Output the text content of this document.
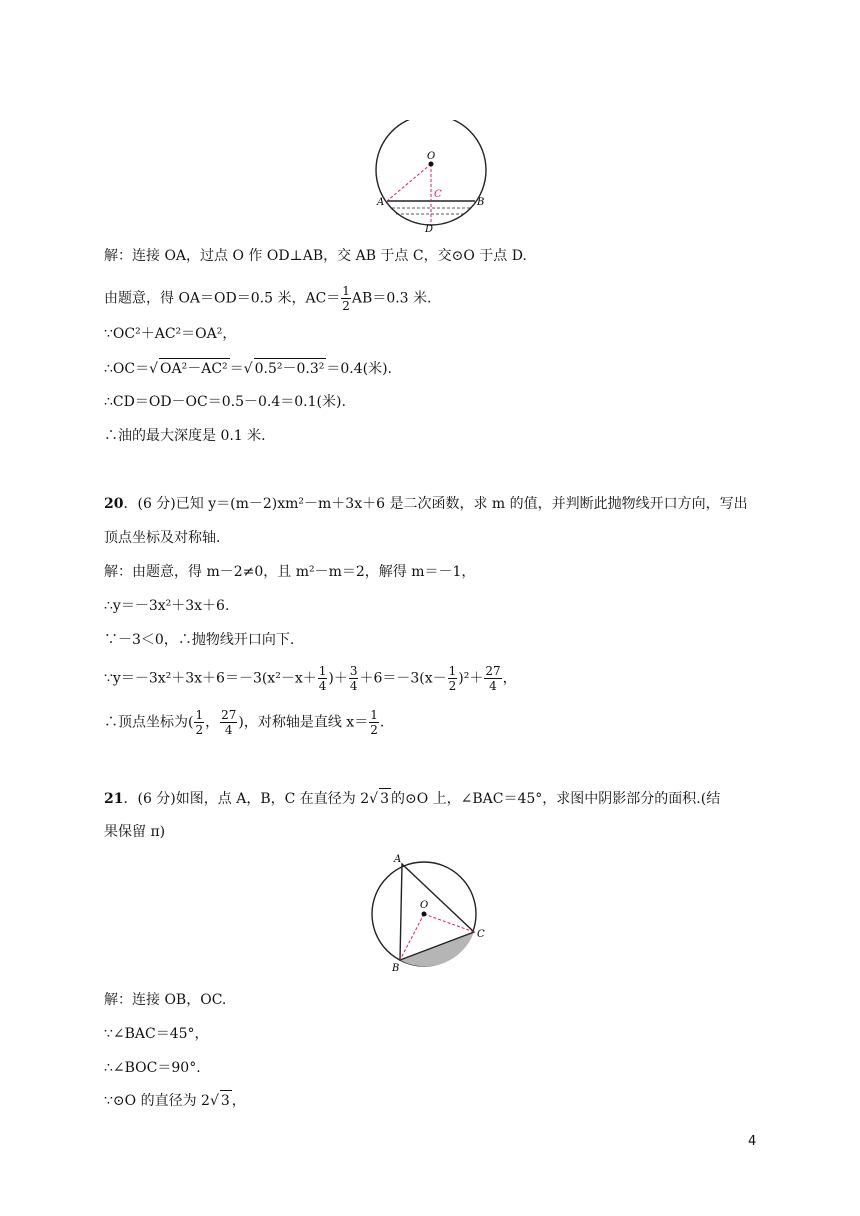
O
C
A	B
D
解：连接 OA，过点 O 作 OD⊥AB，交 AB 于点 C，交⊙O 于点 D.
由题意，得 OA＝OD＝0.5 米，$AC= \frac{1}{2} AB=0.3$ 米.
∵OC²＋AC²＝OA²，
∴OC＝√ OA²－AC² ＝√ 0.5²－0.3² ＝0.4(米).
∴CD＝OD－OC＝0.5－0.4＝0.1(米).
∴油的最大深度是 0.1 米.
20．(6 分)已知 y＝(m－2)xm²－m＋3x＋6 是二次函数，求 m 的值，并判断此抛物线开口方向，写出
顶点坐标及对称轴.
解：由题意，得 m－2≠0，且 m²－m＝2，解得 m＝－1，
∴y＝－3x²＋3x＋6.
∵－3＜0，∴抛物线开口向下.
∵y＝－3x²＋3x＋6＝－3(x²－x＋ $\frac{1}{4}$ )＋ $\frac{3}{4} +6=-3(x- \frac{1}{2} )^2+ \frac{27}{4}$ ，
∴顶点坐标为( $\frac{1}{2}$ ， $\frac{27}{4}$ )，对称轴是直线 $x= \frac{1}{2}$ .
21．(6 分)如图，点 A，B，C 在直径为 2√ 3 的⊙O 上，∠BAC＝45°，求图中阴影部分的面积.(结
果保留 π)
A
O
B
C
解：连接 OB，OC.
∵∠BAC＝45°，
∴∠BOC＝90°.
∵⊙O 的直径为 2√ 3 ，
4
